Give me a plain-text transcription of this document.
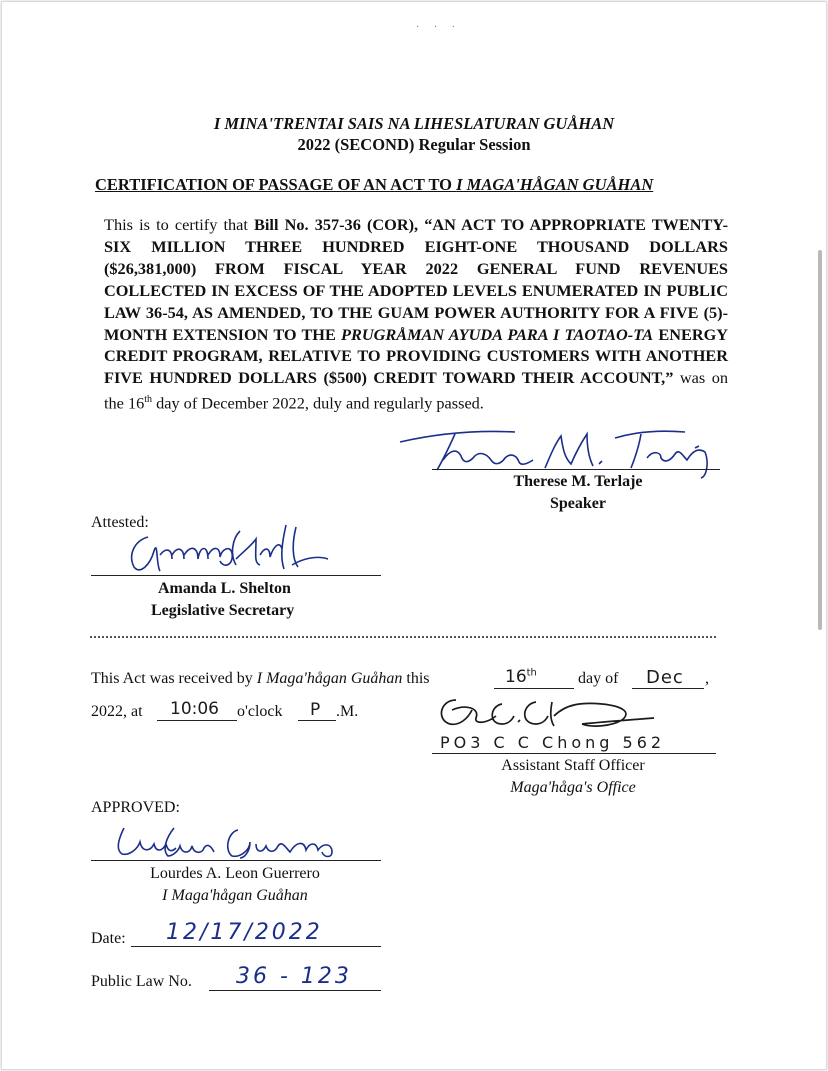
· · ·
I MINA'TRENTAI SAIS NA LIHESLATURAN GUÅHAN
2022 (SECOND) Regular Session
CERTIFICATION OF PASSAGE OF AN ACT TO I MAGA'HÅGAN GUÅHAN
This is to certify that Bill No. 357-36 (COR), “AN ACT TO APPROPRIATE TWENTY-SIX MILLION THREE HUNDRED EIGHT-ONE THOUSAND DOLLARS ($26,381,000) FROM FISCAL YEAR 2022 GENERAL FUND REVENUES COLLECTED IN EXCESS OF THE ADOPTED LEVELS ENUMERATED IN PUBLIC LAW 36-54, AS AMENDED, TO THE GUAM POWER AUTHORITY FOR A FIVE (5)-MONTH EXTENSION TO THE PRUGRÅMAN AYUDA PARA I TAOTAO-TA ENERGY CREDIT PROGRAM, RELATIVE TO PROVIDING CUSTOMERS WITH ANOTHER FIVE HUNDRED DOLLARS ($500) CREDIT TOWARD THEIR ACCOUNT,” was on the 16th day of December 2022, duly and regularly passed.
Therese M. Terlaje
Speaker
Attested:
Amanda L. Shelton
Legislative Secretary
This Act was received by I Maga'hågan Guåhan this	16th	day of Dec ,
2022, at 10:06 o'clock P .M.
PO3 C C Chong 562
Assistant Staff Officer
Maga'håga's Office
APPROVED:
Lourdes A. Leon Guerrero
I Maga'hågan Guåhan
Date: 12/17/2022
Public Law No. 36 - 123
